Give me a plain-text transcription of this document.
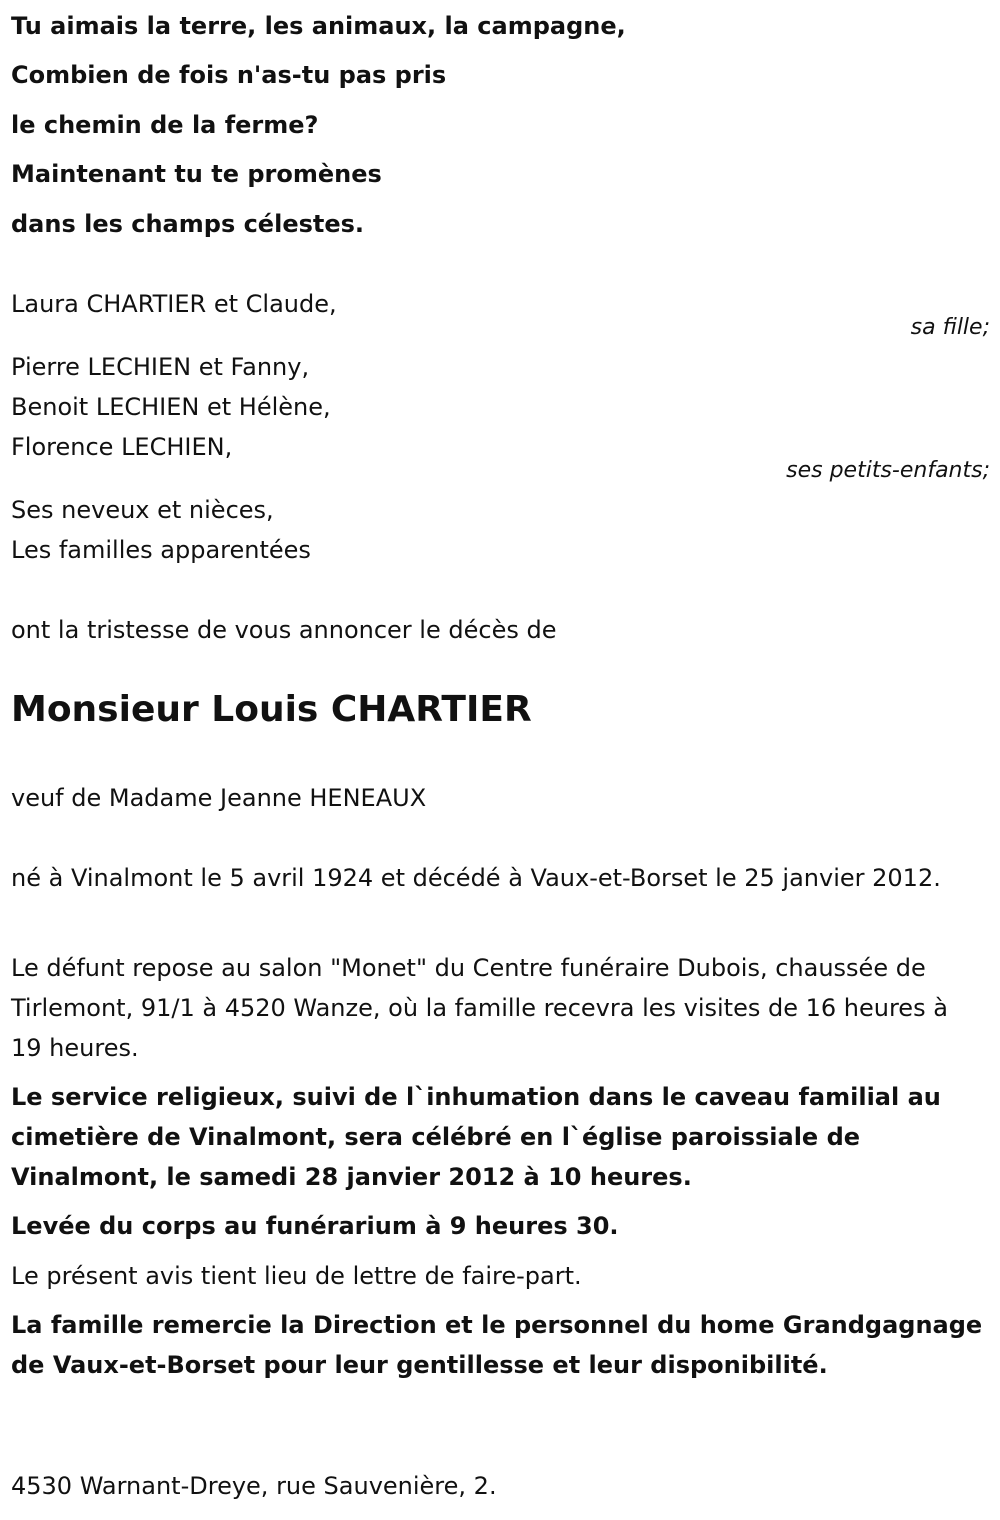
Tu aimais la terre, les animaux, la campagne,
Combien de fois n'as-tu pas pris
le chemin de la ferme?
Maintenant tu te promènes
dans les champs célestes.
Laura CHARTIER et Claude,
sa fille;
Pierre LECHIEN et Fanny,
Benoit LECHIEN et Hélène,
Florence LECHIEN,
ses petits-enfants;
Ses neveux et nièces,
Les familles apparentées
ont la tristesse de vous annoncer le décès de
Monsieur Louis CHARTIER
veuf de Madame Jeanne HENEAUX
né à Vinalmont le 5 avril 1924 et décédé à Vaux-et-Borset le 25 janvier 2012.
Le défunt repose au salon "Monet" du Centre funéraire Dubois, chaussée de Tirlemont, 91/1 à 4520 Wanze, où la famille recevra les visites de 16 heures à 19 heures.
Le service religieux, suivi de l`inhumation dans le caveau familial au cimetière de Vinalmont, sera célébré en l`église paroissiale de Vinalmont, le samedi 28 janvier 2012 à 10 heures.
Levée du corps au funérarium à 9 heures 30.
Le présent avis tient lieu de lettre de faire-part.
La famille remercie la Direction et le personnel du home Grandgagnage de Vaux-et-Borset pour leur gentillesse et leur disponibilité.
4530 Warnant-Dreye, rue Sauvenière, 2.
